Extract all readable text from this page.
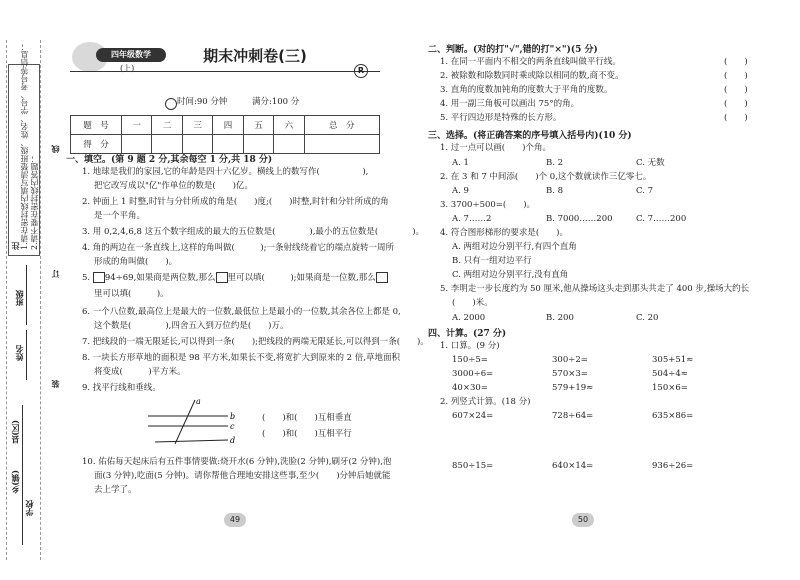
注 1.请在密封线内填写清楚班级、姓名、学号、考号等信息； 2.请不要在密封线内答题；
线
订
装
班级
姓名
县(区)
乡(镇)
学校
四年级数学
(上)
期末冲刺卷(三)
R
时间:90 分钟	满分:100 分
题　号	一	二	三	四	五	六	总　分
得　分							
一、填空。(第 9 题 2 分,其余每空 1 分,共 18 分)
1. 地球是我们的家园,它的年龄是四十六亿岁。横线上的数写作(　　　　　),
把它改写成以"亿"作单位的数是(　　)亿。
2. 钟面上 1 时整,时针与分针所成的角是(　　)度;(　　)时整,时针和分针所成的角
是一个平角。
3. 用 0,2,4,6,8 这五个数字组成的最大的五位数是(　　　　),最小的五位数是(　　　　)。
4. 角的两边在一条直线上,这样的角叫做(　　　);一条射线绕着它的端点旋转一周所
形成的角叫做(　　)。
5. 94÷69,如果商是两位数,那么 里可以填(　　　);如果商是一位数,那么
里可以填(　　　)。
6. 一个八位数,最高位上是最大的一位数,最低位上是最小的一位数,其余各位上都是 0,
这个数是(　　　　),四舍五入到万位约是(　　)万。
7. 把线段的一端无限延长,可以得到一条(　　);把线段的两端无限延长,可以得到一条(　　)。
8. 一块长方形草地的面积是 98 平方米,如果长不变,将宽扩大到原来的 2 倍,草地面积
将变成(　　　)平方米。
9. 找平行线和垂线。
a
b
c
d
(　　)和(　　)互相垂直
(　　)和(　　)互相平行
10. 佑佑每天起床后有五件事情要做:烧开水(6 分钟),洗脸(2 分钟),刷牙(2 分钟),泡
面(3 分钟),吃面(5 分钟)。请你帮他合理地安排这些事,至少(　　)分钟后她就能
去上学了。
49
二、判断。(对的打"√",错的打"×")(5 分)
1. 在同一平面内不相交的两条直线叫做平行线。	(　　)
2. 被除数和除数同时乘或除以相同的数,商不变。	(　　)
3. 直角的度数加钝角的度数大于平角的度数。	(　　)
4. 用一副三角板可以画出 75°的角。	(　　)
5. 平行四边形是特殊的长方形。	(　　)
三、选择。(将正确答案的序号填入括号内)(10 分)
1. 过一点可以画(　　)个角。
A. 1	B. 2	C. 无数
2. 在 3 和 7 中间添(　　)个 0,这个数就读作三亿零七。
A. 9	B. 8	C. 7
3. 3700÷500=(　　)。
A. 7……2	B. 7000……200	C. 7……200
4. 符合图形梯形的要求是(　　)。
A. 两组对边分别平行,有四个直角
B. 只有一组对边平行
C. 两组对边分别平行,没有直角
5. 李明走一步长度约为 50 厘米,他从操场这头走到那头共走了 400 步,操场大约长
(　　)米。
A. 2000	B. 200	C. 20
四、计算。(27 分)
1. 口算。(9 分)
150÷5=	300÷2=	305+51≈
3000÷6=	570×3=	504÷4≈
40×30=	579+19≈	150×6=
2. 列竖式计算。(18 分)
607×24=	728÷64=	635×86=
850÷15=	640×14=	936÷26=
50
